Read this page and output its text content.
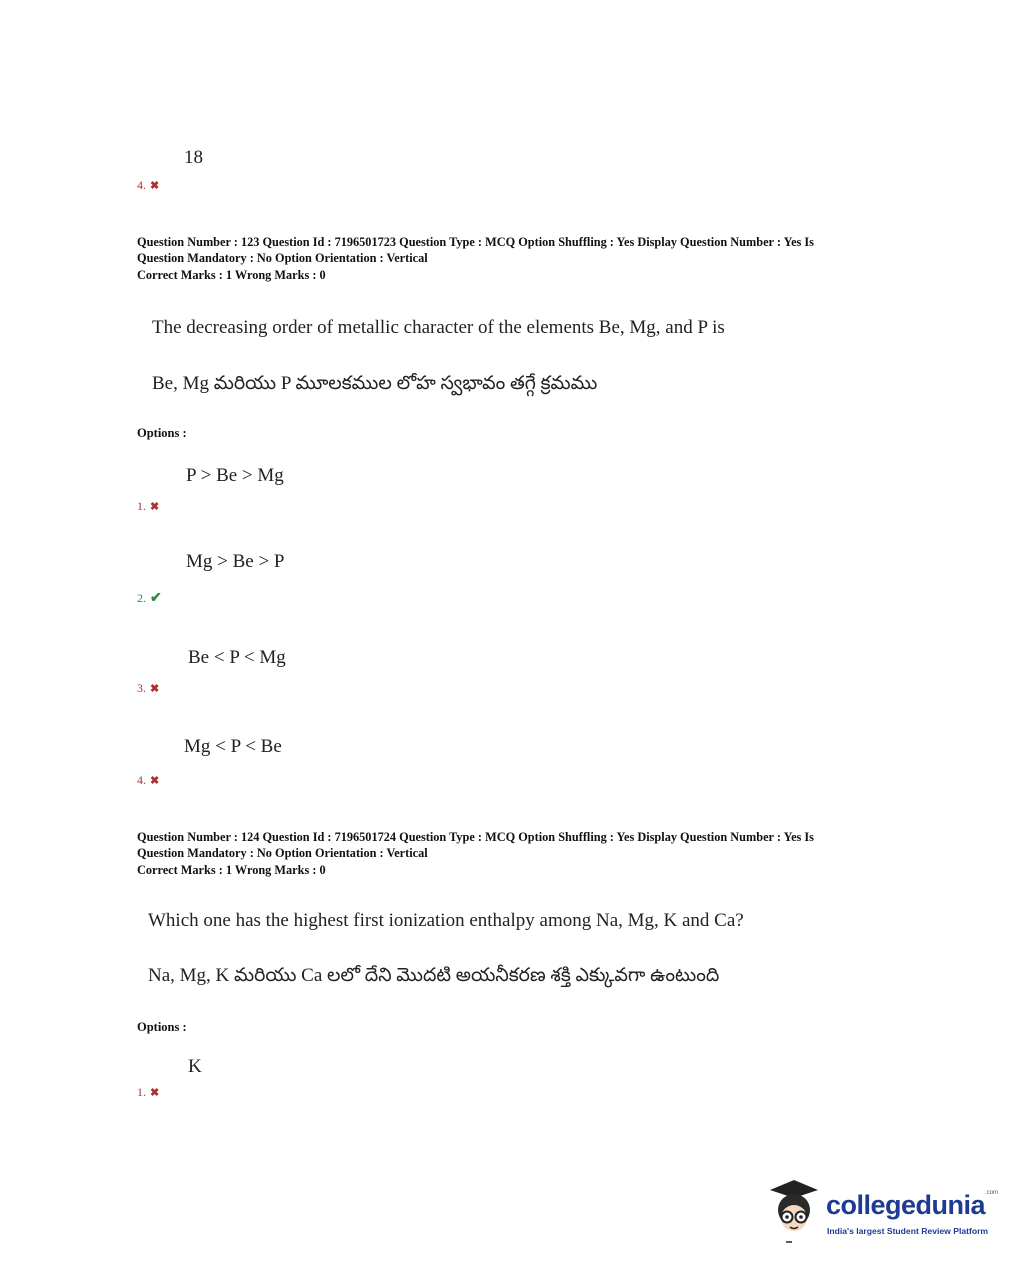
18
4. ✖
Question Number : 123 Question Id : 7196501723 Question Type : MCQ Option Shuffling : Yes Display Question Number : Yes Is
Question Mandatory : No Option Orientation : Vertical
Correct Marks : 1 Wrong Marks : 0
The decreasing order of metallic character of the elements Be, Mg, and P is
Be, Mg మరియు P మూలకముల లోహ స్వభావం తగ్గే క్రమము
Options :
P > Be > Mg
1. ✖
Mg > Be > P
2. ✔
Be < P < Mg
3. ✖
Mg < P < Be
4. ✖
Question Number : 124 Question Id : 7196501724 Question Type : MCQ Option Shuffling : Yes Display Question Number : Yes Is
Question Mandatory : No Option Orientation : Vertical
Correct Marks : 1 Wrong Marks : 0
Which one has the highest first ionization enthalpy among Na, Mg, K and Ca?
Na, Mg, K మరియు Ca లలో దేని మొదటి అయనీకరణ శక్తి ఎక్కువగా ఉంటుంది
Options :
K
1. ✖
collegedunia$^{.com}$
India's largest Student Review Platform
